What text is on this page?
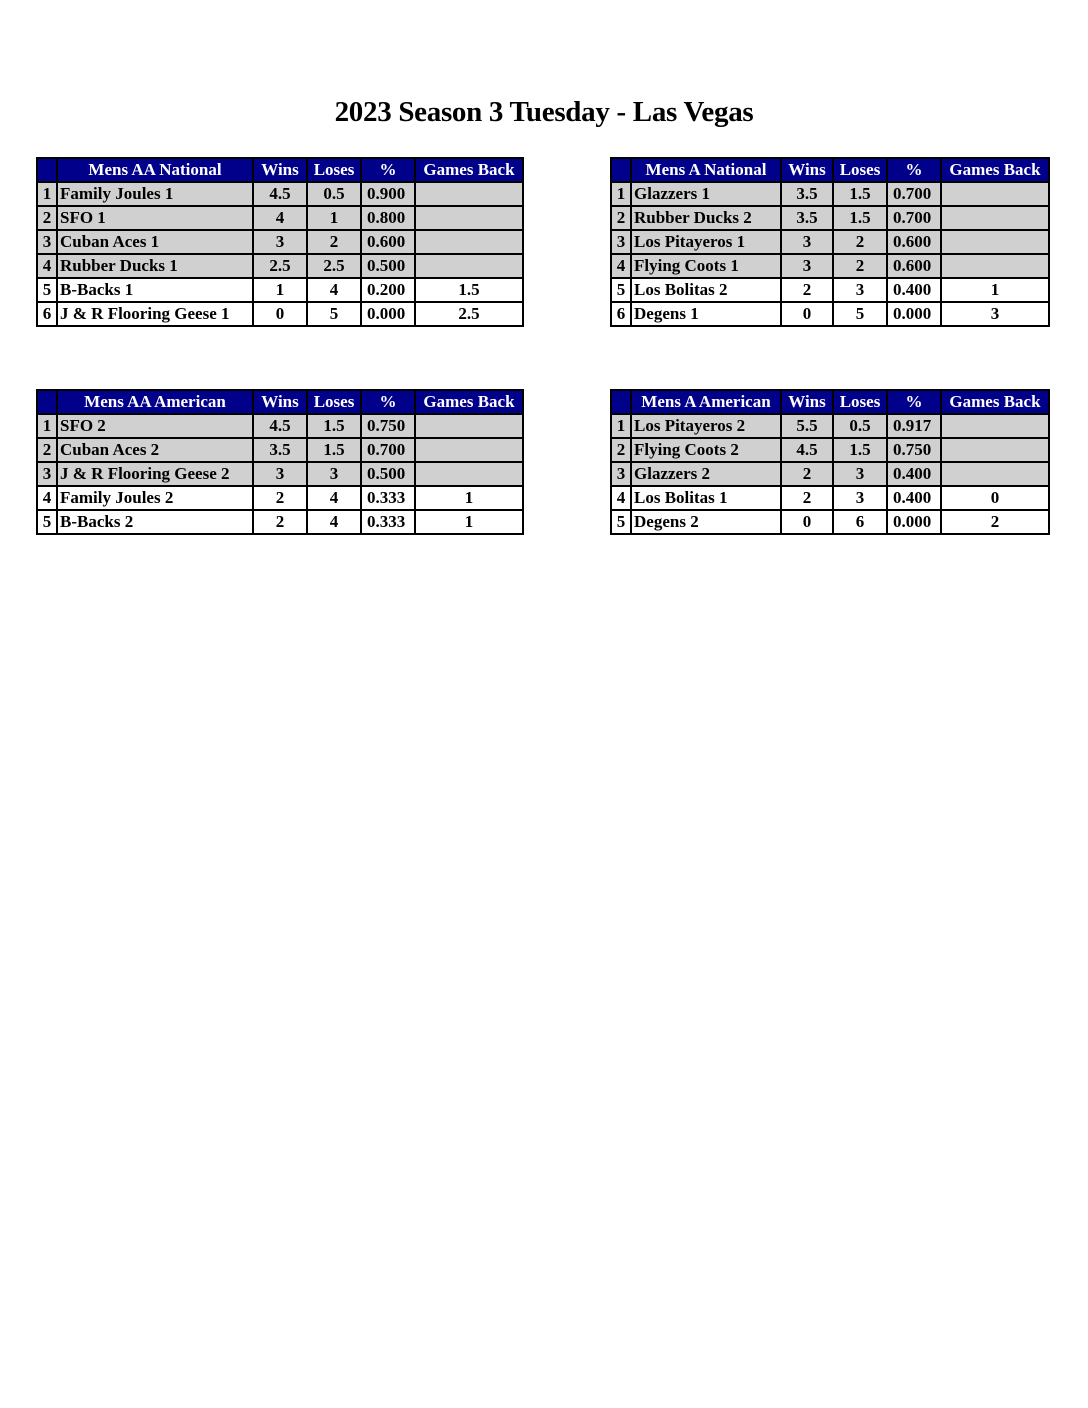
2023 Season 3 Tuesday - Las Vegas
	Mens AA National	Wins	Loses	%	Games Back
1	Family Joules 1	4.5	0.5	0.900	
2	SFO 1	4	1	0.800	
3	Cuban Aces 1	3	2	0.600	
4	Rubber Ducks 1	2.5	2.5	0.500	
5	B-Backs 1	1	4	0.200	1.5
6	J & R Flooring Geese 1	0	5	0.000	2.5
	Mens A National	Wins	Loses	%	Games Back
1	Glazzers 1	3.5	1.5	0.700	
2	Rubber Ducks 2	3.5	1.5	0.700	
3	Los Pitayeros 1	3	2	0.600	
4	Flying Coots 1	3	2	0.600	
5	Los Bolitas 2	2	3	0.400	1
6	Degens 1	0	5	0.000	3
	Mens AA American	Wins	Loses	%	Games Back
1	SFO 2	4.5	1.5	0.750	
2	Cuban Aces 2	3.5	1.5	0.700	
3	J & R Flooring Geese 2	3	3	0.500	
4	Family Joules 2	2	4	0.333	1
5	B-Backs 2	2	4	0.333	1
	Mens A American	Wins	Loses	%	Games Back
1	Los Pitayeros 2	5.5	0.5	0.917	
2	Flying Coots 2	4.5	1.5	0.750	
3	Glazzers 2	2	3	0.400	
4	Los Bolitas 1	2	3	0.400	0
5	Degens 2	0	6	0.000	2
